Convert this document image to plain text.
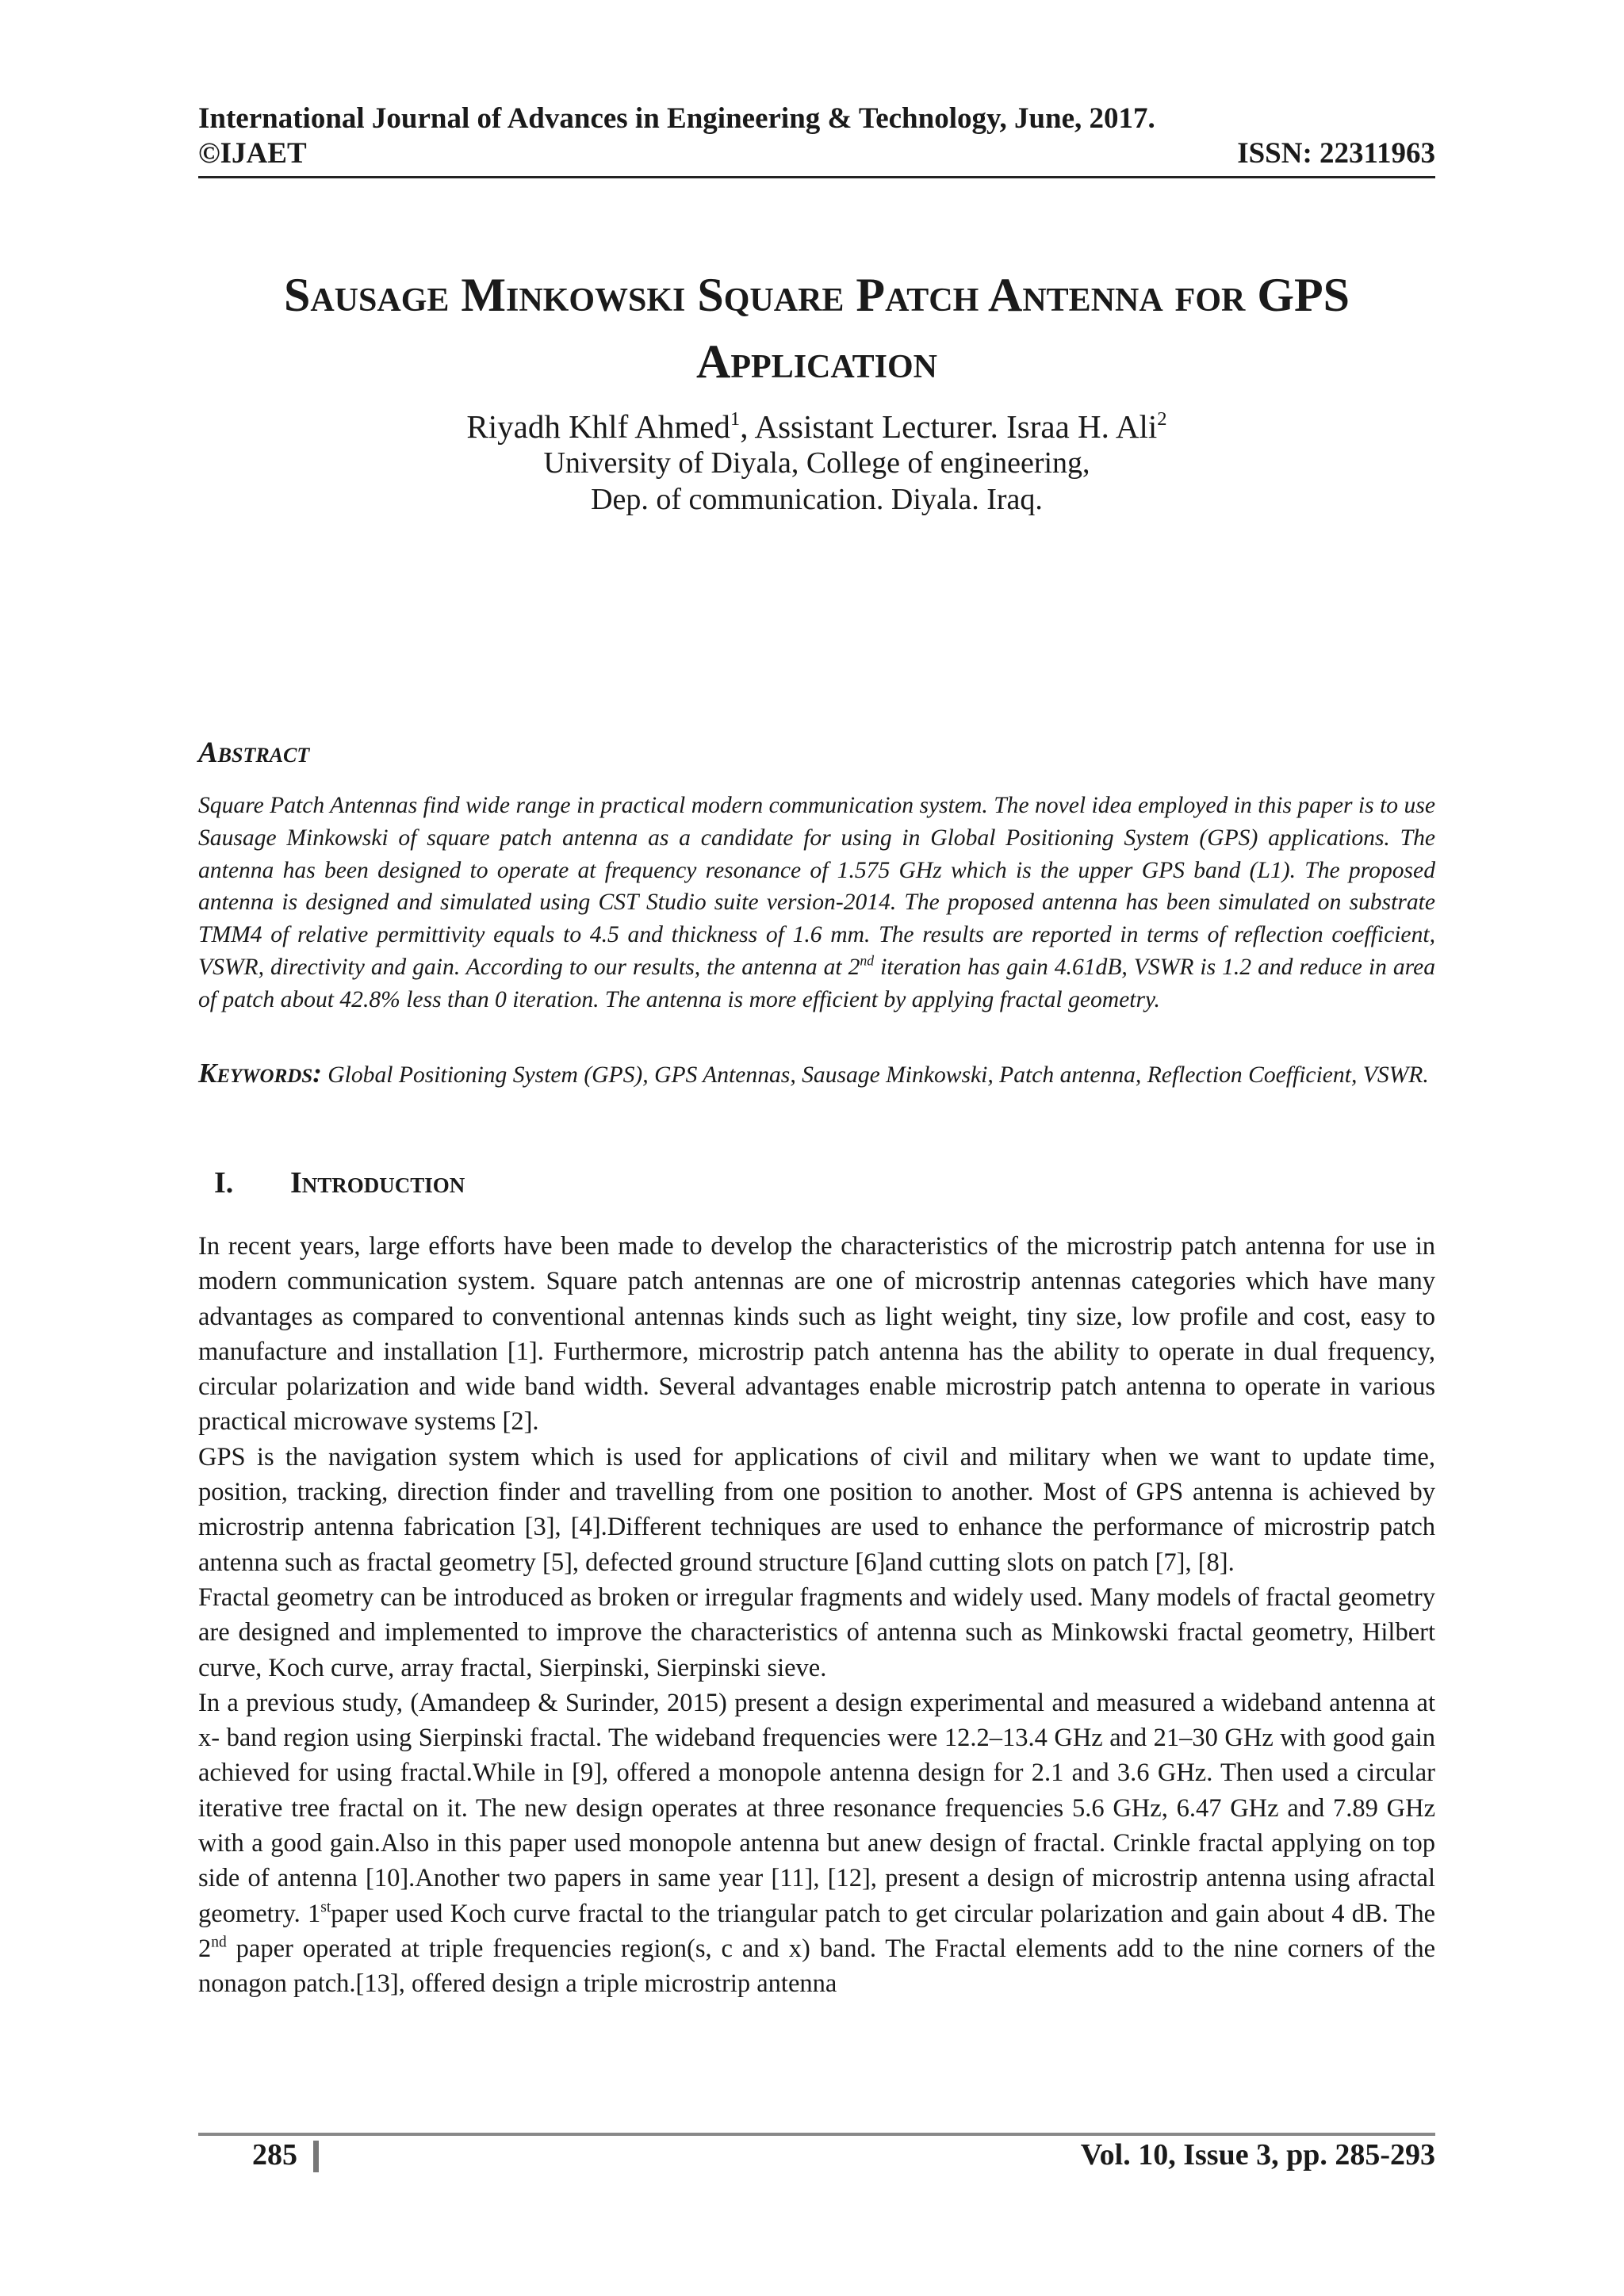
International Journal of Advances in Engineering & Technology, June, 2017.
©IJAET	ISSN: 22311963
Sausage Minkowski Square Patch Antenna for GPS
Application
Riyadh Khlf Ahmed$^1$, Assistant Lecturer. Israa H. Ali$^2$
University of Diyala, College of engineering,
Dep. of communication. Diyala. Iraq.
Abstract
Square Patch Antennas find wide range in practical modern communication system. The novel idea employed in this paper is to use Sausage Minkowski of square patch antenna as a candidate for using in Global Positioning System (GPS) applications. The antenna has been designed to operate at frequency resonance of 1.575 GHz which is the upper GPS band (L1). The proposed antenna is designed and simulated using CST Studio suite version-2014. The proposed antenna has been simulated on substrate TMM4 of relative permittivity equals to 4.5 and thickness of 1.6 mm. The results are reported in terms of reflection coefficient, VSWR, directivity and gain. According to our results, the antenna at 2nd iteration has gain 4.61dB, VSWR is 1.2 and reduce in area of patch about 42.8% less than 0 iteration. The antenna is more efficient by applying fractal geometry.
Keywords: Global Positioning System (GPS), GPS Antennas, Sausage Minkowski, Patch antenna, Reflection Coefficient, VSWR.
I. Introduction

In recent years, large efforts have been made to develop the characteristics of the microstrip patch antenna for use in modern communication system. Square patch antennas are one of microstrip antennas categories which have many advantages as compared to conventional antennas kinds such as light weight, tiny size, low profile and cost, easy to manufacture and installation [1]. Furthermore, microstrip patch antenna has the ability to operate in dual frequency, circular polarization and wide band width. Several advantages enable microstrip patch antenna to operate in various practical microwave systems [2].

GPS is the navigation system which is used for applications of civil and military when we want to update time, position, tracking, direction finder and travelling from one position to another. Most of GPS antenna is achieved by microstrip antenna fabrication [3], [4].Different techniques are used to enhance the performance of microstrip patch antenna such as fractal geometry [5], defected ground structure [6]and cutting slots on patch [7], [8].

Fractal geometry can be introduced as broken or irregular fragments and widely used. Many models of fractal geometry are designed and implemented to improve the characteristics of antenna such as Minkowski fractal geometry, Hilbert curve, Koch curve, array fractal, Sierpinski, Sierpinski sieve.

In a previous study, (Amandeep & Surinder, 2015) present a design experimental and measured a wideband antenna at x- band region using Sierpinski fractal. The wideband frequencies were 12.2–13.4 GHz and 21–30 GHz with good gain achieved for using fractal.While in [9], offered a monopole antenna design for 2.1 and 3.6 GHz. Then used a circular iterative tree fractal on it. The new design operates at three resonance frequencies 5.6 GHz, 6.47 GHz and 7.89 GHz with a good gain.Also in this paper used monopole antenna but anew design of fractal. Crinkle fractal applying on top side of antenna [10].Another two papers in same year [11], [12], present a design of microstrip antenna using afractal geometry. 1stpaper used Koch curve fractal to the triangular patch to get circular polarization and gain about 4 dB. The 2nd paper operated at triple frequencies region(s, c and x) band. The Fractal elements add to the nine corners of the nonagon patch.[13], offered design a triple microstrip antenna

285	Vol. 10, Issue 3, pp. 285-293
